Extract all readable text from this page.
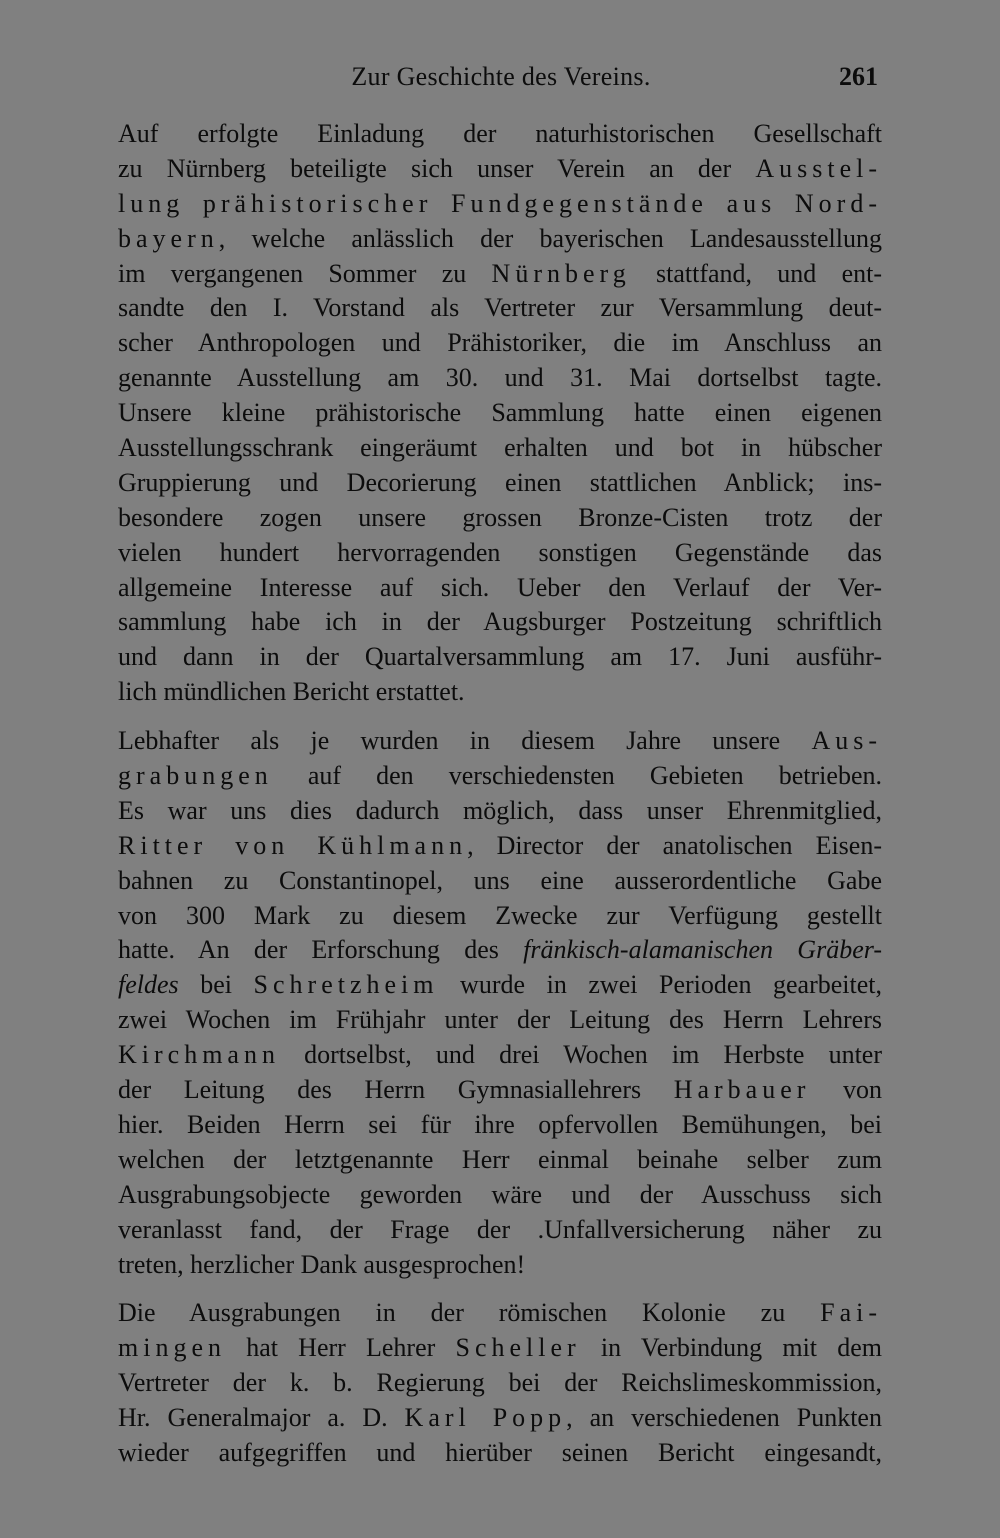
Zur Geschichte des Vereins.	261
Auf erfolgte Einladung der naturhistorischen Gesellschaft
zu Nürnberg beteiligte sich unser Verein an der Ausstel-
lung prähistorischer Fundgegenstände aus Nord-
bayern, welche anlässlich der bayerischen Landesausstellung
im vergangenen Sommer zu Nürnberg stattfand, und ent-
sandte den I. Vorstand als Vertreter zur Versammlung deut-
scher Anthropologen und Prähistoriker, die im Anschluss an
genannte Ausstellung am 30. und 31. Mai dortselbst tagte.
Unsere kleine prähistorische Sammlung hatte einen eigenen
Ausstellungsschrank eingeräumt erhalten und bot in hübscher
Gruppierung und Decorierung einen stattlichen Anblick; ins-
besondere zogen unsere grossen Bronze-Cisten trotz der
vielen hundert hervorragenden sonstigen Gegenstände das
allgemeine Interesse auf sich. Ueber den Verlauf der Ver-
sammlung habe ich in der Augsburger Postzeitung schriftlich
und dann in der Quartalversammlung am 17. Juni ausführ-
lich mündlichen Bericht erstattet.
Lebhafter als je wurden in diesem Jahre unsere Aus-
grabungen auf den verschiedensten Gebieten betrieben.
Es war uns dies dadurch möglich, dass unser Ehrenmitglied,
Ritter von Kühlmann, Director der anatolischen Eisen-
bahnen zu Constantinopel, uns eine ausserordentliche Gabe
von 300 Mark zu diesem Zwecke zur Verfügung gestellt
hatte. An der Erforschung des fränkisch-alamanischen Gräber-
feldes bei Schretzheim wurde in zwei Perioden gearbeitet,
zwei Wochen im Frühjahr unter der Leitung des Herrn Lehrers
Kirchmann dortselbst, und drei Wochen im Herbste unter
der Leitung des Herrn Gymnasiallehrers Harbauer von
hier. Beiden Herrn sei für ihre opfervollen Bemühungen, bei
welchen der letztgenannte Herr einmal beinahe selber zum
Ausgrabungsobjecte geworden wäre und der Ausschuss sich
veranlasst fand, der Frage der .Unfallversicherung näher zu
treten, herzlicher Dank ausgesprochen!
Die Ausgrabungen in der römischen Kolonie zu Fai-
mingen hat Herr Lehrer Scheller in Verbindung mit dem
Vertreter der k. b. Regierung bei der Reichslimeskommission,
Hr. Generalmajor a. D. Karl Popp, an verschiedenen Punkten
wieder aufgegriffen und hierüber seinen Bericht eingesandt,
